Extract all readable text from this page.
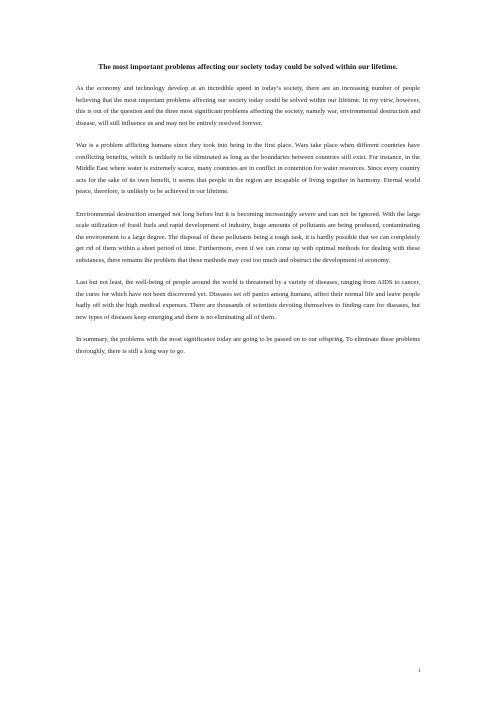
The most important problems affecting our society today could be solved within our lifetime.

As the economy and technology develop at an incredible speed in today’s society, there are an increasing number of people believing that the most important problems affecting our society today could be solved within our lifetime. In my view, however, this is out of the question and the three most significant problems affecting the society, namely war, environmental destruction and disease, will still influence us and may not be entirely resolved forever.

War is a problem afflicting humans since they took into being in the first place. Wars take place when different countries have conflicting benefits, which is unlikely to be eliminated as long as the boundaries between countries still exist. For instance, in the Middle East where water is extremely scarce, many countries are in conflict in contention for water resources. Since every country acts for the sake of its own benefit, it seems that people in the region are incapable of living together in harmony. Eternal world peace, therefore, is unlikely to be achieved in our lifetime.

Environmental destruction emerged not long before but it is becoming increasingly severe and can not be ignored. With the large scale utilization of fossil fuels and rapid development of industry, huge amounts of pollutants are being produced, contaminating the environment to a large degree. The disposal of these pollutants being a tough task, it is hardly possible that we can completely get rid of them within a short period of time. Furthermore, even if we can come up with optimal methods for dealing with these substances, there remains the problem that these methods may cost too much and obstruct the development of economy.

Last but not least, the well-being of people around the world is threatened by a variety of diseases, ranging from AIDS to cancer, the cures for which have not been discovered yet. Diseases set off panics among humans, affect their normal life and leave people badly off with the high medical expenses. There are thousands of scientists devoting themselves to finding cure for diseases, but new types of diseases keep emerging and there is no eliminating all of them.

In summary, the problems with the most significance today are going to be passed on to our offspring. To eliminate these problems thoroughly, there is still a long way to go.

1
